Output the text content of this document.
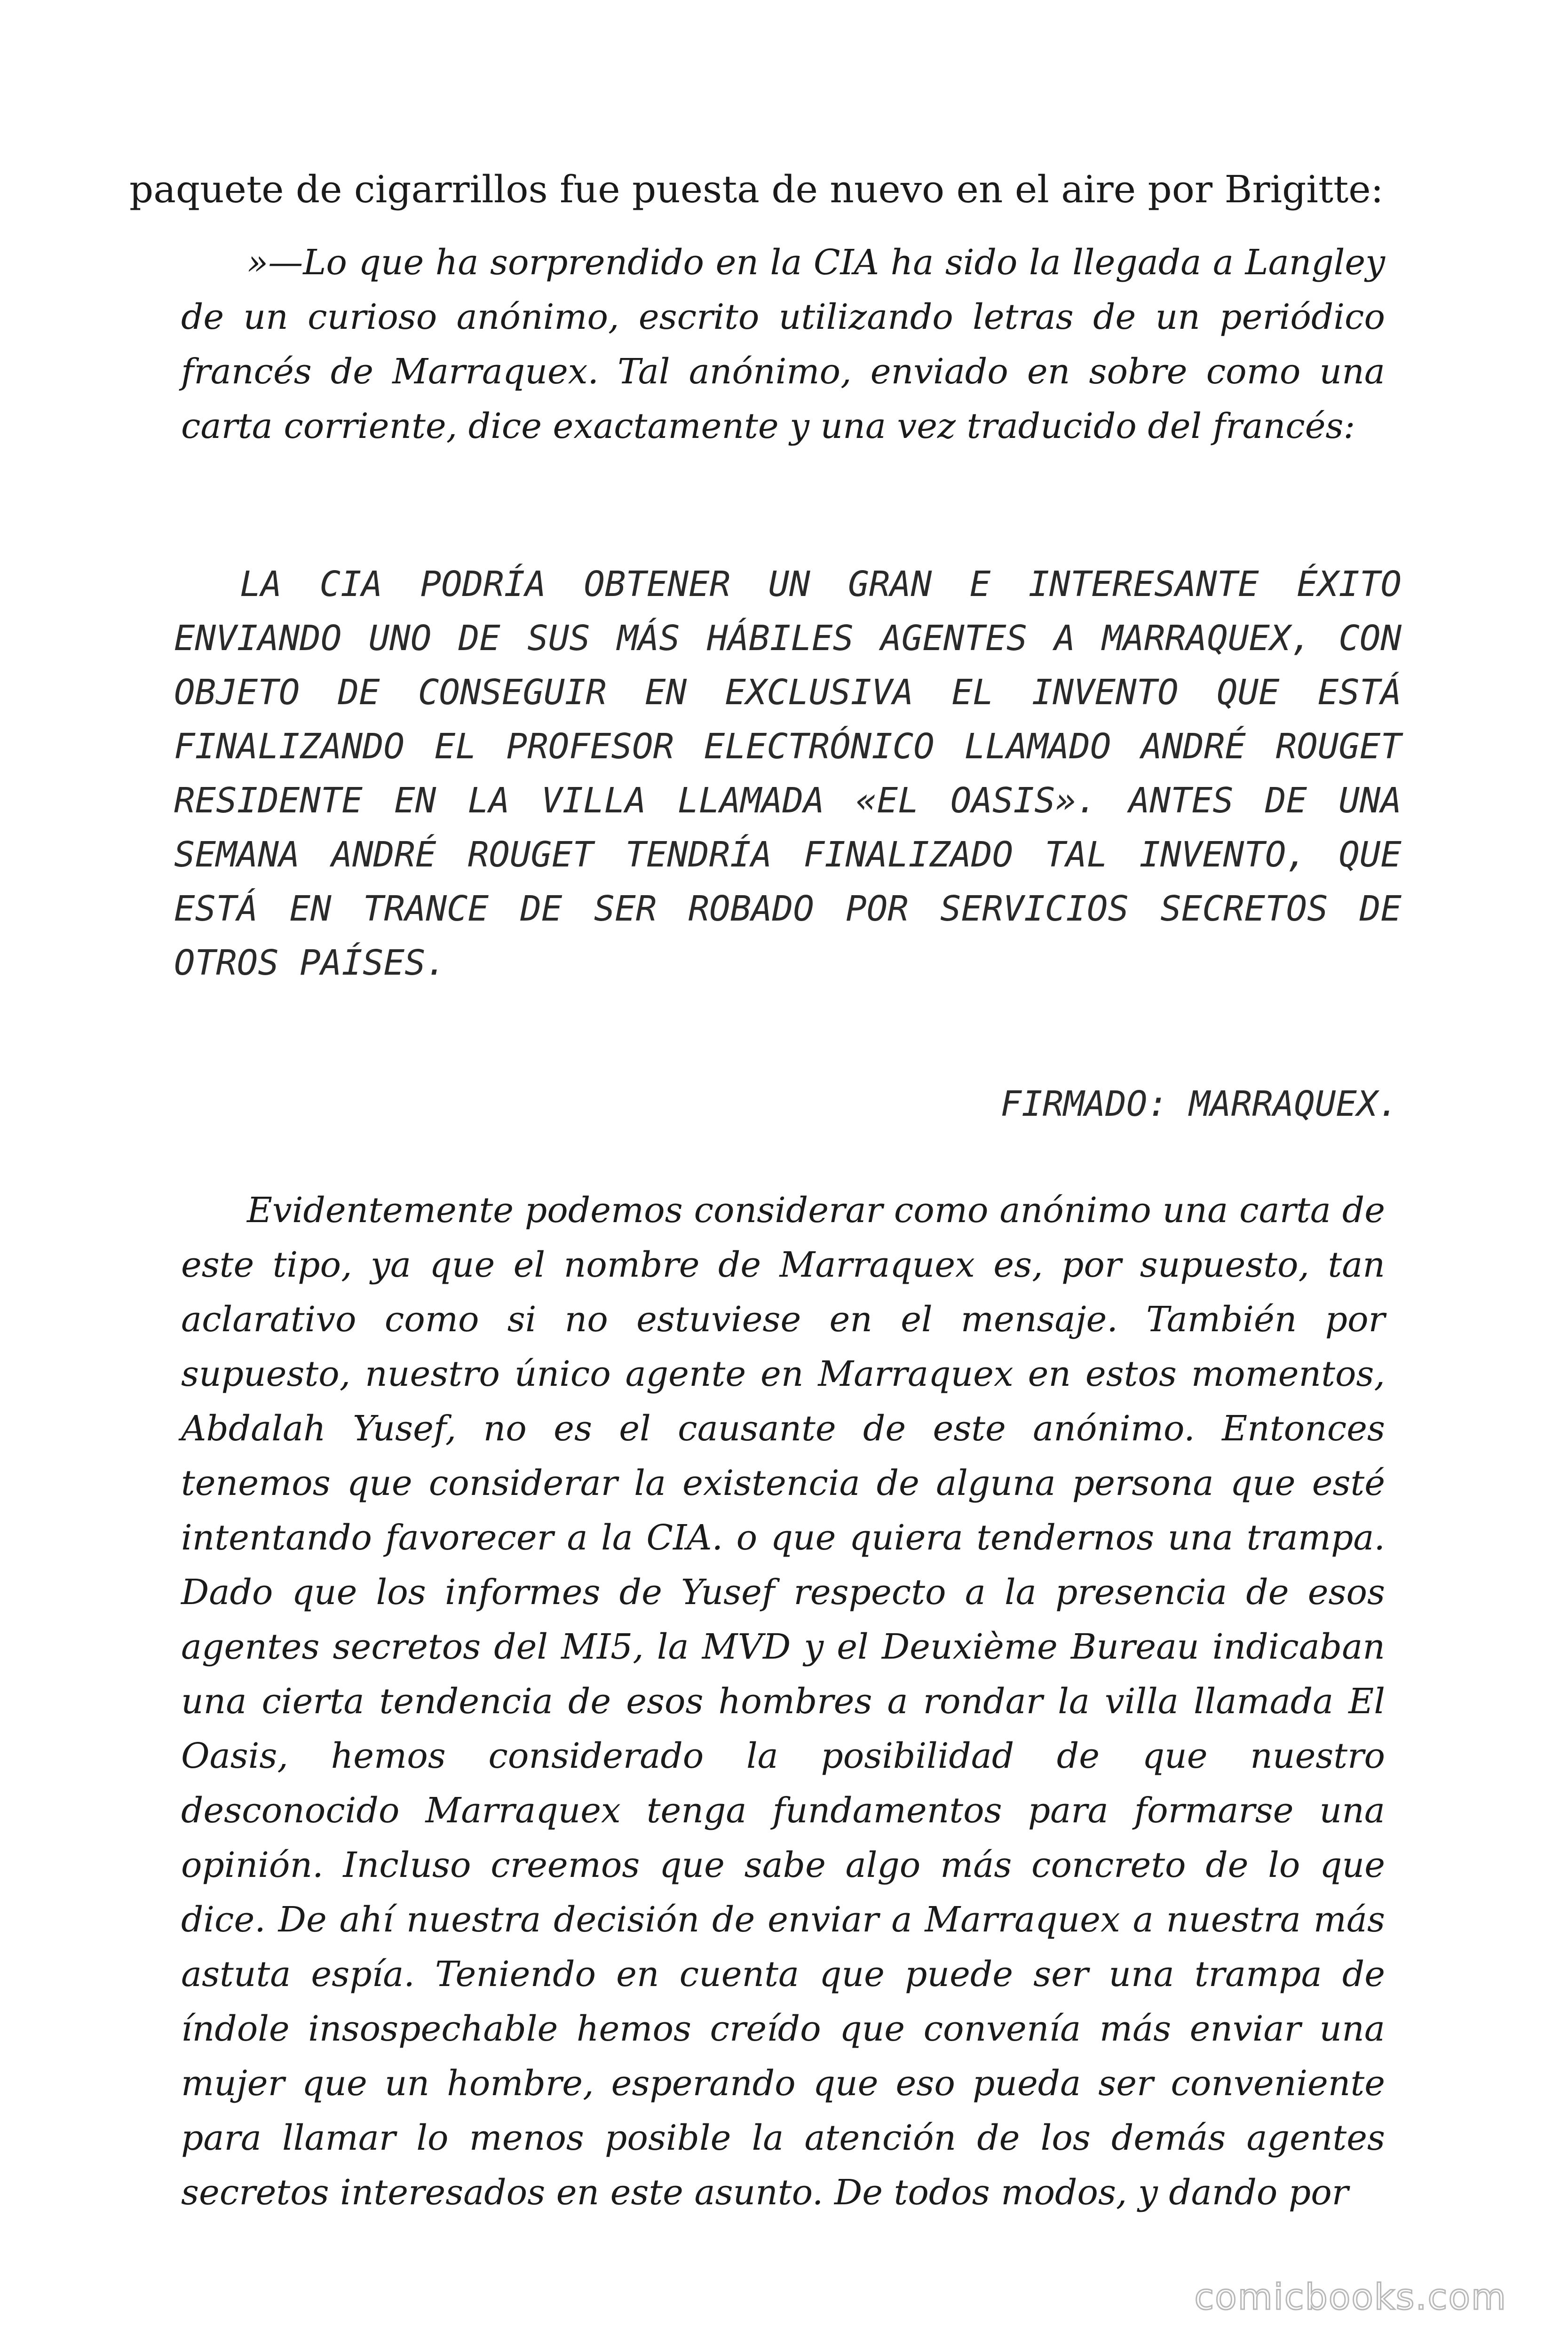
paquete de cigarrillos fue puesta de nuevo en el aire por Brigitte:

»—Lo que ha sorprendido en la CIA ha sido la llegada a Langley de un curioso anónimo, escrito utilizando letras de un periódico francés de Marraquex. Tal anónimo, enviado en sobre como una carta corriente, dice exactamente y una vez traducido del francés:
LA CIA PODRÍA OBTENER UN GRAN E INTERESANTE ÉXITO ENVIANDO UNO DE SUS MÁS HÁBILES AGENTES A MARRAQUEX, CON OBJETO DE CONSEGUIR EN EXCLUSIVA EL INVENTO QUE ESTÁ FINALIZANDO EL PROFESOR ELECTRÓNICO LLAMADO ANDRÉ ROUGET RESIDENTE EN LA VILLA LLAMADA «EL OASIS». ANTES DE UNA SEMANA ANDRÉ ROUGET TENDRÍA FINALIZADO TAL INVENTO, QUE ESTÁ EN TRANCE DE SER ROBADO POR SERVICIOS SECRETOS DE OTROS PAÍSES.
FIRMADO: MARRAQUEX.
Evidentemente podemos considerar como anónimo una carta de este tipo, ya que el nombre de Marraquex es, por supuesto, tan aclarativo como si no estuviese en el mensaje. También por supuesto, nuestro único agente en Marraquex en estos momentos, Abdalah Yusef, no es el causante de este anónimo. Entonces tenemos que considerar la existencia de alguna persona que esté intentando favorecer a la CIA. o que quiera tendernos una trampa. Dado que los informes de Yusef respecto a la presencia de esos agentes secretos del MI5, la MVD y el Deuxième Bureau indicaban una cierta tendencia de esos hombres a rondar la villa llamada El Oasis, hemos considerado la posibilidad de que nuestro desconocido Marraquex tenga fundamentos para formarse una opinión. Incluso creemos que sabe algo más concreto de lo que dice. De ahí nuestra decisión de enviar a Marraquex a nuestra más astuta espía. Teniendo en cuenta que puede ser una trampa de índole insospechable hemos creído que convenía más enviar una mujer que un hombre, esperando que eso pueda ser conveniente para llamar lo menos posible la atención de los demás agentes secretos interesados en este asunto. De todos modos, y dando por
comicbooks.com
